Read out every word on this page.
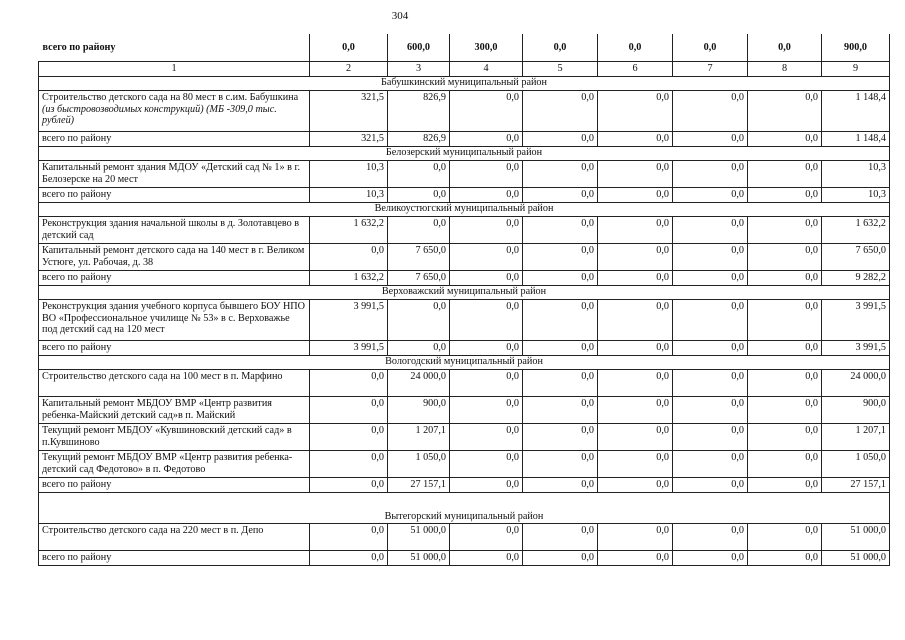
304
всего по району	0,0	600,0	300,0	0,0	0,0	0,0	0,0	900,0
1	2	3	4	5	6	7	8	9
Бабушкинский муниципальный район								
Строительство детского сада на 80 мест в с.им. Бабушкина (из быстровозводимых конструкций) (МБ -309,0 тыс. рублей)	321,5	826,9	0,0	0,0	0,0	0,0	0,0	1 148,4
всего по району	321,5	826,9	0,0	0,0	0,0	0,0	0,0	1 148,4
Белозерский муниципальный район								
Капитальный ремонт здания МДОУ «Детский сад № 1» в г. Белозерске на 20 мест	10,3	0,0	0,0	0,0	0,0	0,0	0,0	10,3
всего по району	10,3	0,0	0,0	0,0	0,0	0,0	0,0	10,3
Великоустюгский муниципальный район								
Реконструкция здания начальной школы в д. Золотавцево в детский сад	1 632,2	0,0	0,0	0,0	0,0	0,0	0,0	1 632,2
Капитальный ремонт детского сада на 140 мест в г. Великом Устюге, ул. Рабочая, д. 38	0,0	7 650,0	0,0	0,0	0,0	0,0	0,0	7 650,0
всего по району	1 632,2	7 650,0	0,0	0,0	0,0	0,0	0,0	9 282,2
Верховажский муниципальный район								
Реконструкция здания учебного корпуса бывшего БОУ НПО ВО «Профессиональное училище № 53» в с. Верховажье под детский сад на 120 мест	3 991,5	0,0	0,0	0,0	0,0	0,0	0,0	3 991,5
всего по району	3 991,5	0,0	0,0	0,0	0,0	0,0	0,0	3 991,5
Вологодский муниципальный район								
Строительство детского сада на 100 мест в п. Марфино	0,0	24 000,0	0,0	0,0	0,0	0,0	0,0	24 000,0
Капитальный ремонт МБДОУ ВМР «Центр развития ребенка-Майский детский сад»в п. Майский	0,0	900,0	0,0	0,0	0,0	0,0	0,0	900,0
Текущий ремонт МБДОУ «Кувшиновский детский сад» в п.Кувшиново	0,0	1 207,1	0,0	0,0	0,0	0,0	0,0	1 207,1
Текущий ремонт МБДОУ ВМР «Центр развития ребенка-детский сад Федотово» в п. Федотово	0,0	1 050,0	0,0	0,0	0,0	0,0	0,0	1 050,0
всего по району	0,0	27 157,1	0,0	0,0	0,0	0,0	0,0	27 157,1
Вытегорский муниципальный район								
Строительство детского сада на 220 мест в п. Депо	0,0	51 000,0	0,0	0,0	0,0	0,0	0,0	51 000,0
всего по району	0,0	51 000,0	0,0	0,0	0,0	0,0	0,0	51 000,0
